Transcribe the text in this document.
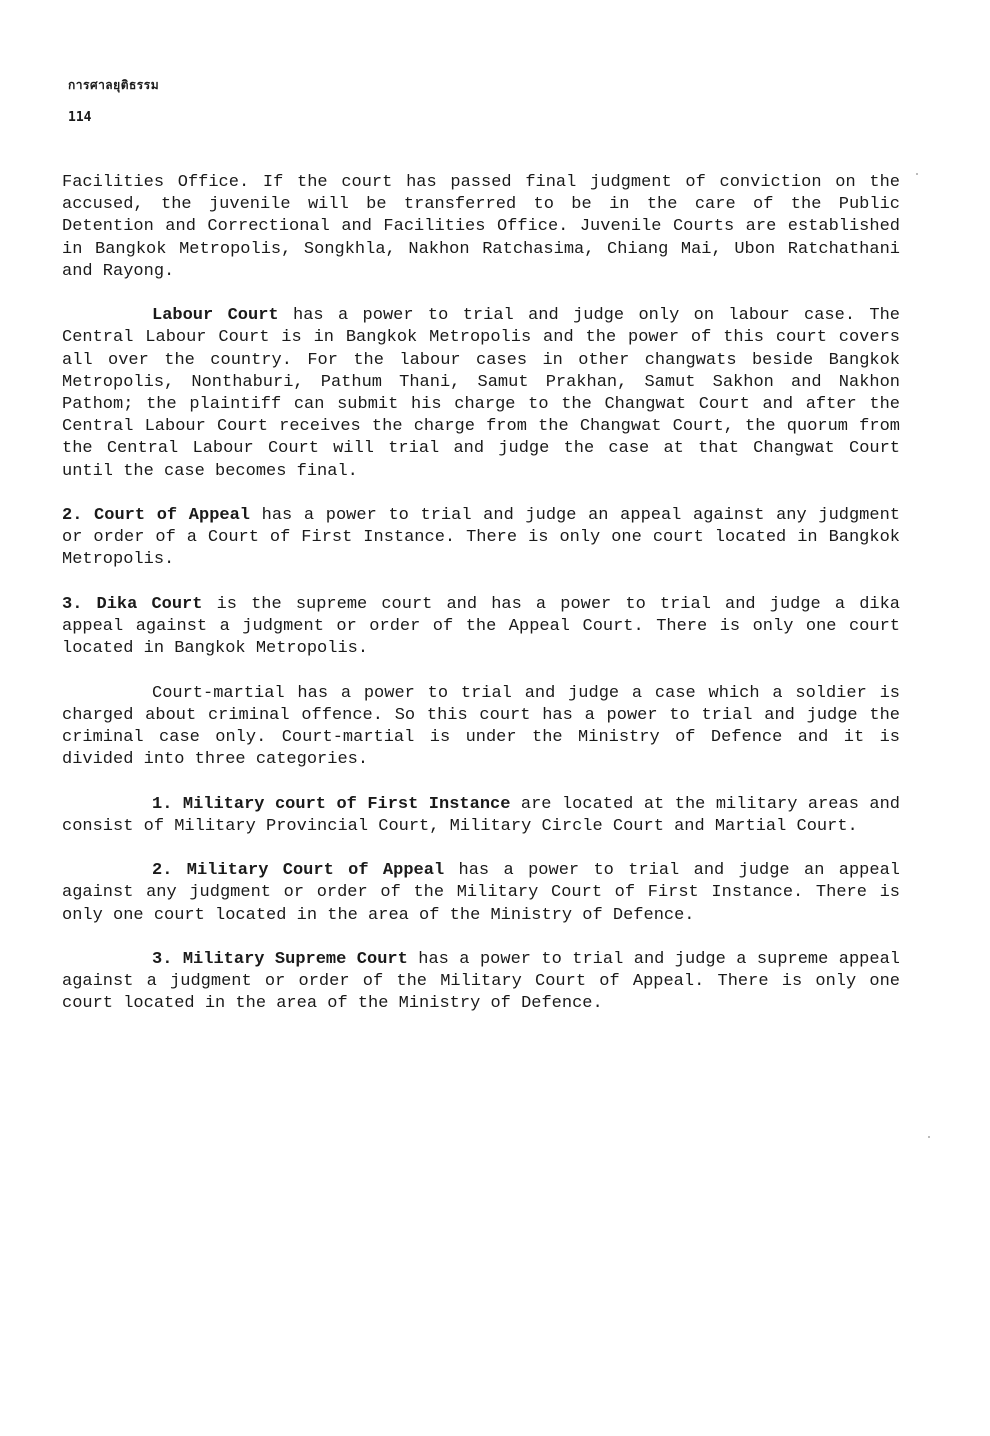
การศาลยุติธรรม
114

Facilities Office. If the court has passed final judgment of conviction on the accused, the juvenile will be transferred to be in the care of the Public Detention and Correctional and Facilities Office. Juvenile Courts are established in Bangkok Metropolis, Songkhla, Nakhon Ratchasima, Chiang Mai, Ubon Ratchathani and Rayong.

Labour Court has a power to trial and judge only on labour case. The Central Labour Court is in Bangkok Metropolis and the power of this court covers all over the country. For the labour cases in other changwats beside Bangkok Metropolis, Nonthaburi, Pathum Thani, Samut Prakhan, Samut Sakhon and Nakhon Pathom; the plaintiff can submit his charge to the Changwat Court and after the Central Labour Court receives the charge from the Changwat Court, the quorum from the Central Labour Court will trial and judge the case at that Changwat Court until the case becomes final.

2. Court of Appeal has a power to trial and judge an appeal against any judgment or order of a Court of First Instance. There is only one court located in Bangkok Metropolis.

3. Dika Court is the supreme court and has a power to trial and judge a dika appeal against a judgment or order of the Appeal Court. There is only one court located in Bangkok Metropolis.

Court-martial has a power to trial and judge a case which a soldier is charged about criminal offence. So this court has a power to trial and judge the criminal case only. Court-martial is under the Ministry of Defence and it is divided into three categories.

1. Military court of First Instance are located at the military areas and consist of Military Provincial Court, Military Circle Court and Martial Court.

2. Military Court of Appeal has a power to trial and judge an appeal against any judgment or order of the Military Court of First Instance. There is only one court located in the area of the Ministry of Defence.

3. Military Supreme Court has a power to trial and judge a supreme appeal against a judgment or order of the Military Court of Appeal. There is only one court located in the area of the Ministry of Defence.
